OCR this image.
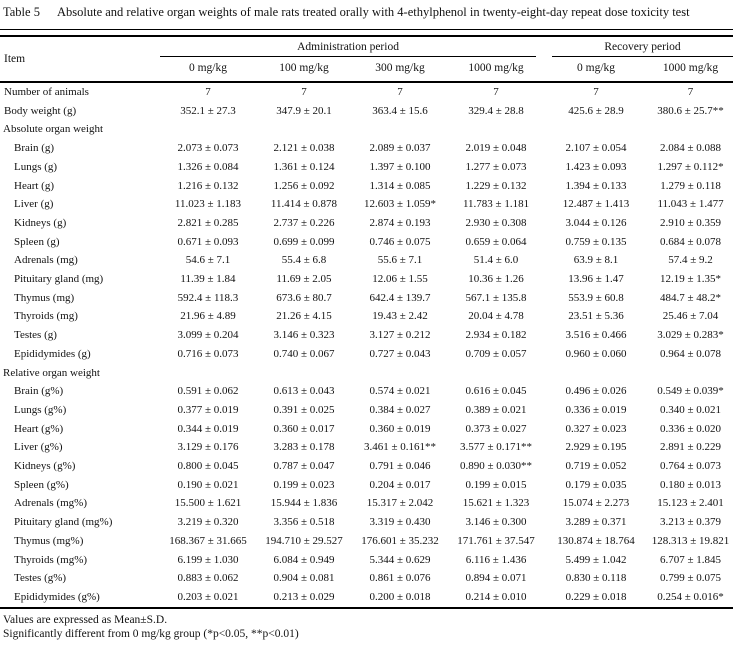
Table 5	Absolute and relative organ weights of male rats treated orally with 4-ethylphenol in twenty-eight-day repeat dose toxicity test
Item	Administration period				Recovery period	

	0 mg/kg	100 mg/kg	300 mg/kg	1000 mg/kg	0 mg/kg	1000 mg/kg
Number of animals	7	7	7	7	7	7
Body weight (g)	352.1 ± 27.3	347.9 ± 20.1	363.4 ± 15.6	329.4 ± 28.8	425.6 ± 28.9	380.6 ± 25.7**
Absolute organ weight						
Brain (g)	2.073 ± 0.073	2.121 ± 0.038	2.089 ± 0.037	2.019 ± 0.048	2.107 ± 0.054	2.084 ± 0.088
Lungs (g)	1.326 ± 0.084	1.361 ± 0.124	1.397 ± 0.100	1.277 ± 0.073	1.423 ± 0.093	1.297 ± 0.112*
Heart (g)	1.216 ± 0.132	1.256 ± 0.092	1.314 ± 0.085	1.229 ± 0.132	1.394 ± 0.133	1.279 ± 0.118
Liver (g)	11.023 ± 1.183	11.414 ± 0.878	12.603 ± 1.059*	11.783 ± 1.181	12.487 ± 1.413	11.043 ± 1.477
Kidneys (g)	2.821 ± 0.285	2.737 ± 0.226	2.874 ± 0.193	2.930 ± 0.308	3.044 ± 0.126	2.910 ± 0.359
Spleen (g)	0.671 ± 0.093	0.699 ± 0.099	0.746 ± 0.075	0.659 ± 0.064	0.759 ± 0.135	0.684 ± 0.078
Adrenals (mg)	54.6 ± 7.1	55.4 ± 6.8	55.6 ± 7.1	51.4 ± 6.0	63.9 ± 8.1	57.4 ± 9.2
Pituitary gland (mg)	11.39 ± 1.84	11.69 ± 2.05	12.06 ± 1.55	10.36 ± 1.26	13.96 ± 1.47	12.19 ± 1.35*
Thymus (mg)	592.4 ± 118.3	673.6 ± 80.7	642.4 ± 139.7	567.1 ± 135.8	553.9 ± 60.8	484.7 ± 48.2*
Thyroids (mg)	21.96 ± 4.89	21.26 ± 4.15	19.43 ± 2.42	20.04 ± 4.78	23.51 ± 5.36	25.46 ± 7.04
Testes (g)	3.099 ± 0.204	3.146 ± 0.323	3.127 ± 0.212	2.934 ± 0.182	3.516 ± 0.466	3.029 ± 0.283*
Epididymides (g)	0.716 ± 0.073	0.740 ± 0.067	0.727 ± 0.043	0.709 ± 0.057	0.960 ± 0.060	0.964 ± 0.078
Relative organ weight						
Brain (g%)	0.591 ± 0.062	0.613 ± 0.043	0.574 ± 0.021	0.616 ± 0.045	0.496 ± 0.026	0.549 ± 0.039*
Lungs (g%)	0.377 ± 0.019	0.391 ± 0.025	0.384 ± 0.027	0.389 ± 0.021	0.336 ± 0.019	0.340 ± 0.021
Heart (g%)	0.344 ± 0.019	0.360 ± 0.017	0.360 ± 0.019	0.373 ± 0.027	0.327 ± 0.023	0.336 ± 0.020
Liver (g%)	3.129 ± 0.176	3.283 ± 0.178	3.461 ± 0.161**	3.577 ± 0.171**	2.929 ± 0.195	2.891 ± 0.229
Kidneys (g%)	0.800 ± 0.045	0.787 ± 0.047	0.791 ± 0.046	0.890 ± 0.030**	0.719 ± 0.052	0.764 ± 0.073
Spleen (g%)	0.190 ± 0.021	0.199 ± 0.023	0.204 ± 0.017	0.199 ± 0.015	0.179 ± 0.035	0.180 ± 0.013
Adrenals (mg%)	15.500 ± 1.621	15.944 ± 1.836	15.317 ± 2.042	15.621 ± 1.323	15.074 ± 2.273	15.123 ± 2.401
Pituitary gland (mg%)	3.219 ± 0.320	3.356 ± 0.518	3.319 ± 0.430	3.146 ± 0.300	3.289 ± 0.371	3.213 ± 0.379
Thymus (mg%)	168.367 ± 31.665	194.710 ± 29.527	176.601 ± 35.232	171.761 ± 37.547	130.874 ± 18.764	128.313 ± 19.821
Thyroids (mg%)	6.199 ± 1.030	6.084 ± 0.949	5.344 ± 0.629	6.116 ± 1.436	5.499 ± 1.042	6.707 ± 1.845
Testes (g%)	0.883 ± 0.062	0.904 ± 0.081	0.861 ± 0.076	0.894 ± 0.071	0.830 ± 0.118	0.799 ± 0.075
Epididymides (g%)	0.203 ± 0.021	0.213 ± 0.029	0.200 ± 0.018	0.214 ± 0.010	0.229 ± 0.018	0.254 ± 0.016*
Values are expressed as Mean±S.D.
Significantly different from 0 mg/kg group (*p<0.05, **p<0.01)
